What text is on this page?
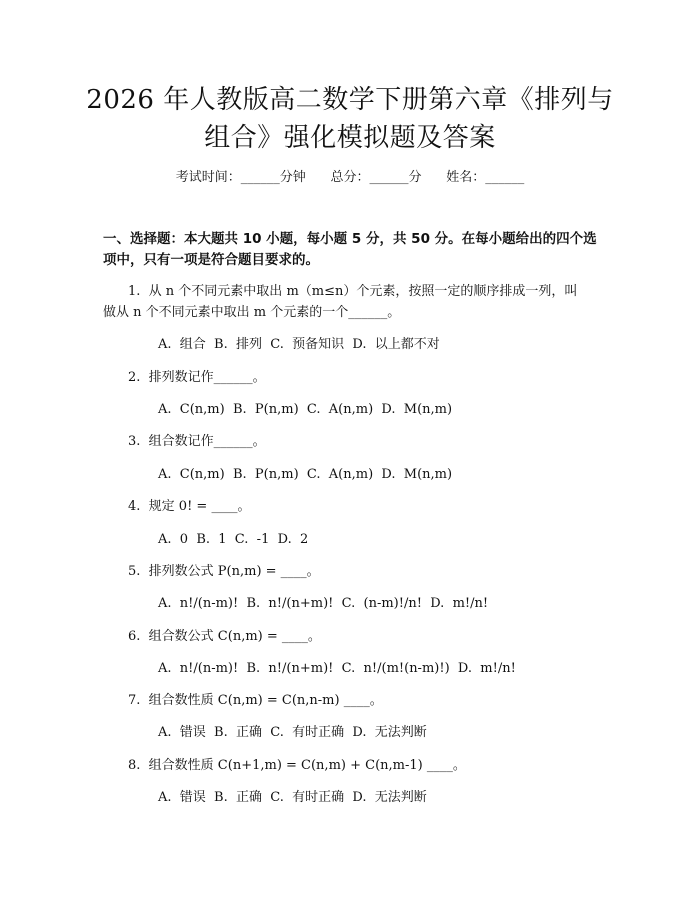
2026 年人教版高二数学下册第六章《排列与
组合》强化模拟题及答案
考试时间：______分钟      总分：______分      姓名：______
一、选择题：本大题共 10 小题，每小题 5 分，共 50 分。在每小题给出的四个选
项中，只有一项是符合题目要求的。
1.  从 n 个不同元素中取出 m（m≤n）个元素，按照一定的顺序排成一列，叫
做从 n 个不同元素中取出 m 个元素的一个______。
A.  组合  B.  排列  C.  预备知识  D.  以上都不对
2.  排列数记作______。
A.  C(n,m)  B.  P(n,m)  C.  A(n,m)  D.  M(n,m)
3.  组合数记作______。
A.  C(n,m)  B.  P(n,m)  C.  A(n,m)  D.  M(n,m)
4.  规定 0! = ____。
A.  0  B.  1  C.  -1  D.  2
5.  排列数公式 P(n,m) = ____。
A.  n!/(n-m)!  B.  n!/(n+m)!  C.  (n-m)!/n!  D.  m!/n!
6.  组合数公式 C(n,m) = ____。
A.  n!/(n-m)!  B.  n!/(n+m)!  C.  n!/(m!(n-m)!)  D.  m!/n!
7.  组合数性质 C(n,m) = C(n,n-m) ____。
A.  错误  B.  正确  C.  有时正确  D.  无法判断
8.  组合数性质 C(n+1,m) = C(n,m) + C(n,m-1) ____。
A.  错误  B.  正确  C.  有时正确  D.  无法判断
